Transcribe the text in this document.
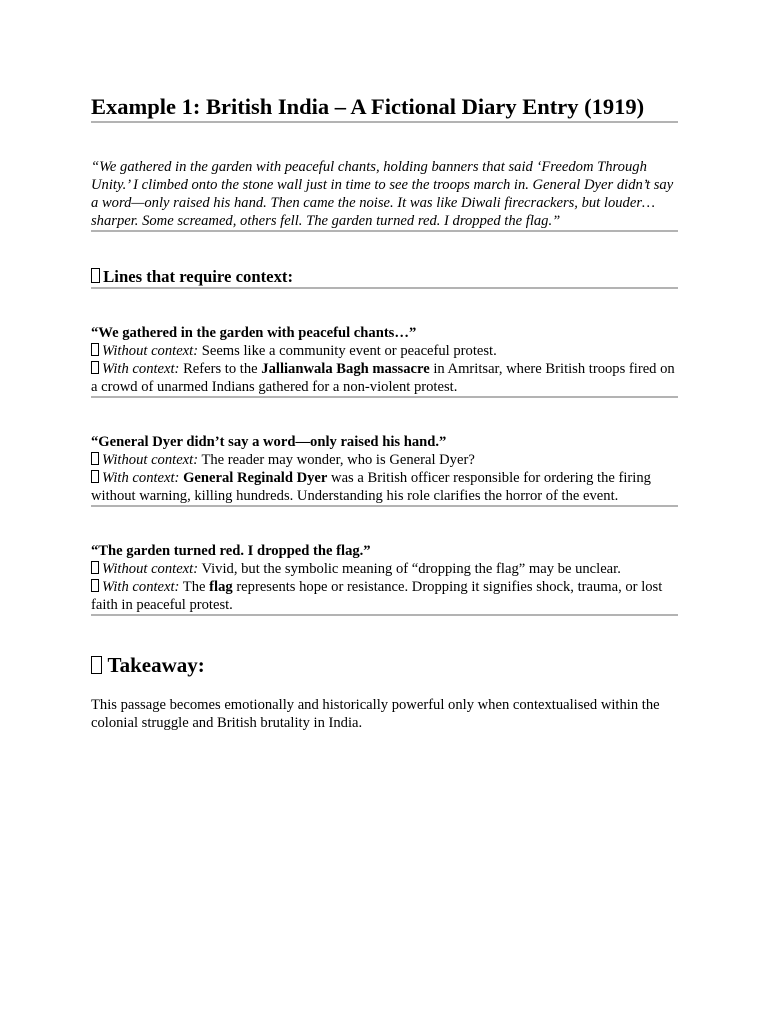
Example 1: British India – A Fictional Diary Entry (1919)

“We gathered in the garden with peaceful chants, holding banners that said ‘Freedom Through Unity.’ I climbed onto the stone wall just in time to see the troops march in. General Dyer didn’t say a word—only raised his hand. Then came the noise. It was like Diwali firecrackers, but louder… sharper. Some screamed, others fell. The garden turned red. I dropped the flag.”

Lines that require context:

“We gathered in the garden with peaceful chants…”

Without context: Seems like a community event or peaceful protest.

With context: Refers to the Jallianwala Bagh massacre in Amritsar, where British troops fired on a crowd of unarmed Indians gathered for a non-violent protest.

“General Dyer didn’t say a word—only raised his hand.”

Without context: The reader may wonder, who is General Dyer?

With context: General Reginald Dyer was a British officer responsible for ordering the firing without warning, killing hundreds. Understanding his role clarifies the horror of the event.

“The garden turned red. I dropped the flag.”

Without context: Vivid, but the symbolic meaning of “dropping the flag” may be unclear.

With context: The flag represents hope or resistance. Dropping it signifies shock, trauma, or lost faith in peaceful protest.

Takeaway:

This passage becomes emotionally and historically powerful only when contextualised within the colonial struggle and British brutality in India.
